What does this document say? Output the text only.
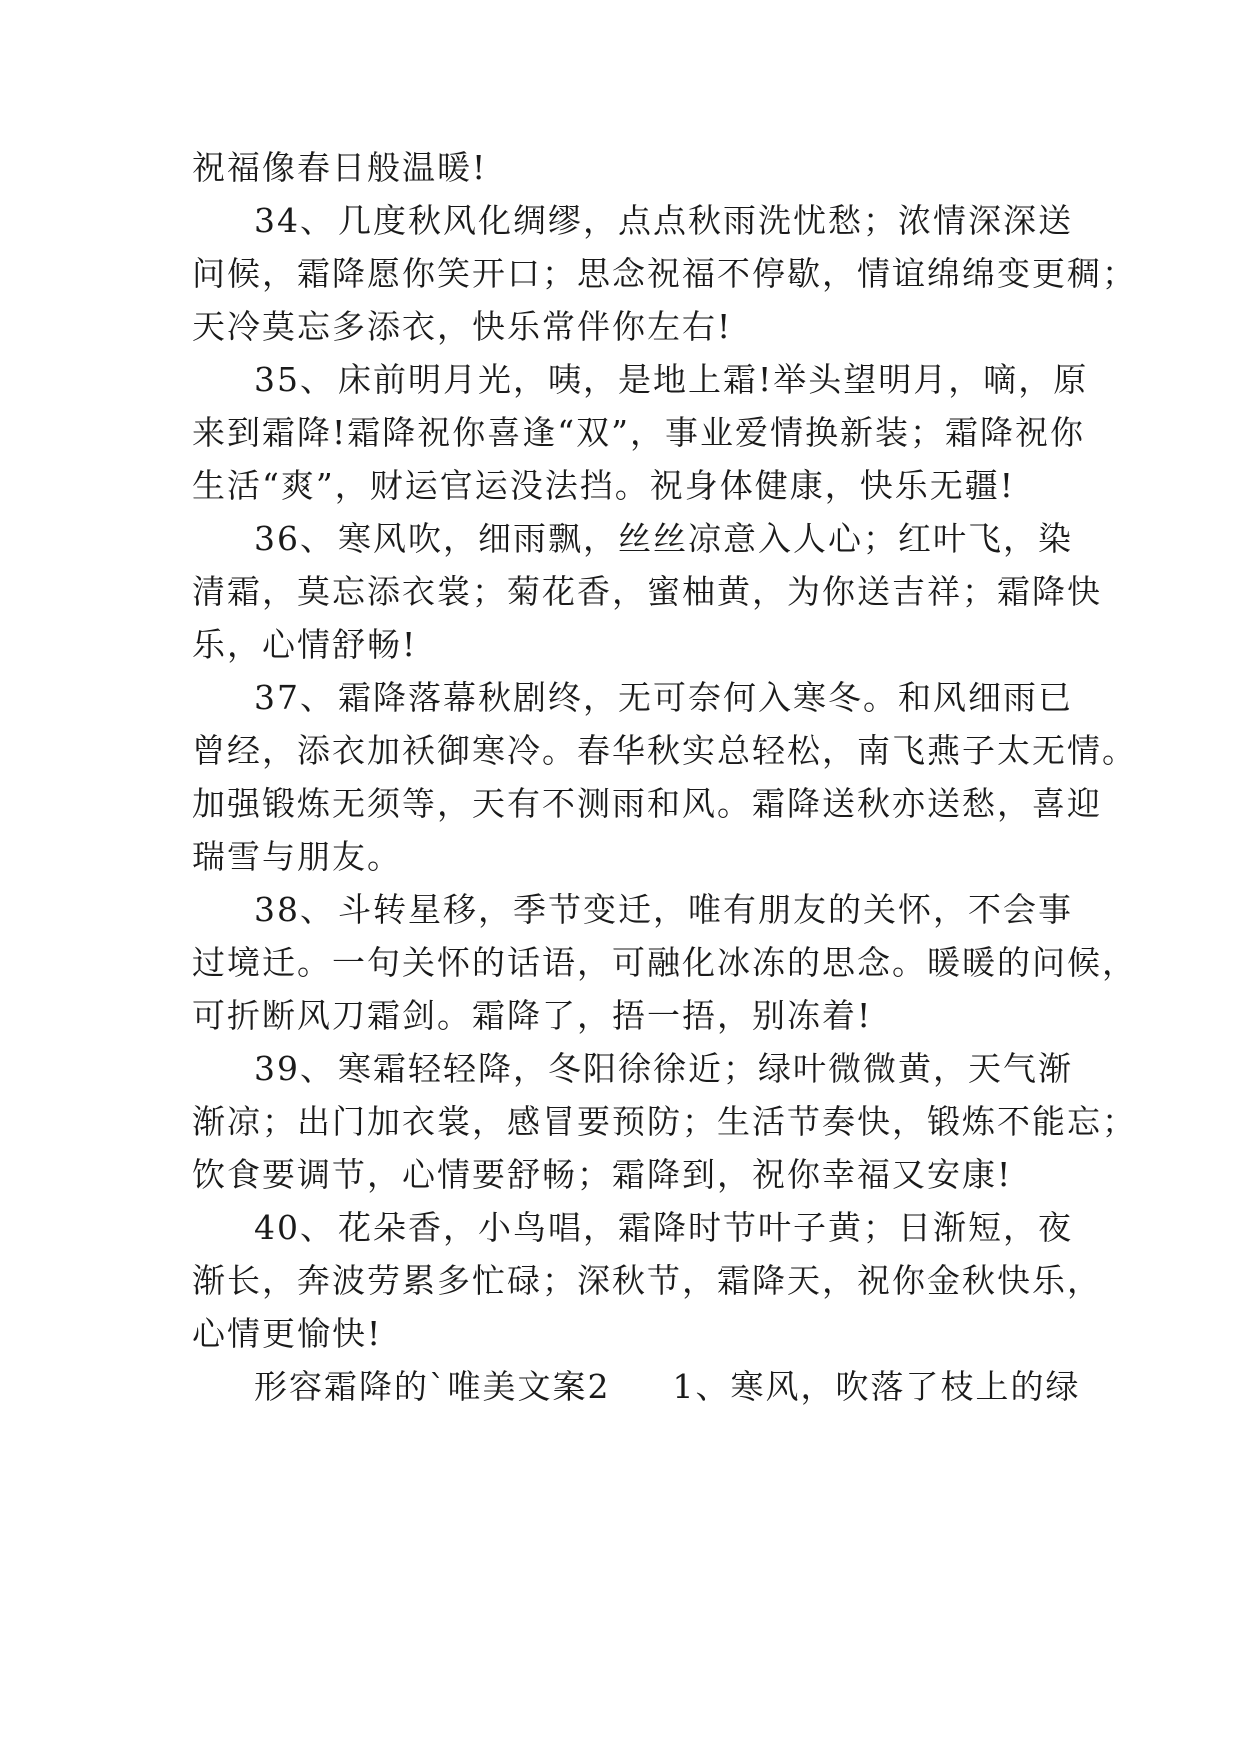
祝福像春日般温暖!
34、几度秋风化绸缪，点点秋雨洗忧愁；浓情深深送
问候，霜降愿你笑开口；思念祝福不停歇，情谊绵绵变更稠；
天冷莫忘多添衣，快乐常伴你左右!
35、床前明月光，咦，是地上霜!举头望明月，嘀，原
来到霜降!霜降祝你喜逢“双”，事业爱情换新装；霜降祝你
生活“爽”，财运官运没法挡。祝身体健康，快乐无疆!
36、寒风吹，细雨飘，丝丝凉意入人心；红叶飞，染
清霜，莫忘添衣裳；菊花香，蜜柚黄，为你送吉祥；霜降快
乐，心情舒畅!
37、霜降落幕秋剧终，无可奈何入寒冬。和风细雨已
曾经，添衣加袄御寒冷。春华秋实总轻松，南飞燕子太无情。
加强锻炼无须等，天有不测雨和风。霜降送秋亦送愁，喜迎
瑞雪与朋友。
38、斗转星移，季节变迁，唯有朋友的关怀，不会事
过境迁。一句关怀的话语，可融化冰冻的思念。暖暖的问候，
可折断风刀霜剑。霜降了，捂一捂，别冻着!
39、寒霜轻轻降，冬阳徐徐近；绿叶微微黄，天气渐
渐凉；出门加衣裳，感冒要预防；生活节奏快，锻炼不能忘；
饮食要调节，心情要舒畅；霜降到，祝你幸福又安康!
40、花朵香，小鸟唱，霜降时节叶子黄；日渐短，夜
渐长，奔波劳累多忙碌；深秋节，霜降天，祝你金秋快乐，
心情更愉快!
形容霜降的`唯美文案2 1、寒风，吹落了枝上的绿
